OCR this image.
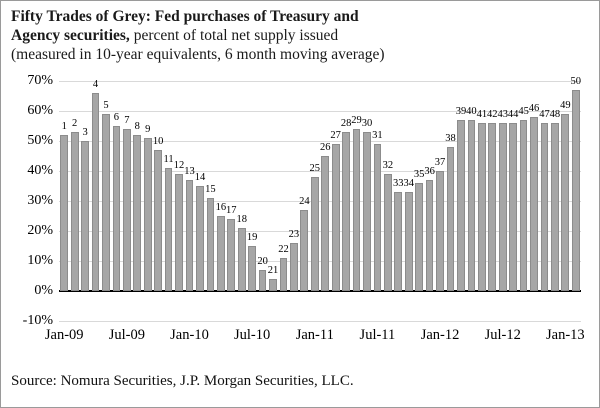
Fifty Trades of Grey: Fed purchases of Treasury and
Agency securities, percent of total net supply issued
(measured in 10-year equivalents, 6 month moving average)
-10%
0%
10%
20%
30%
40%
50%
60%
70%
1 2
3
4
5
6 7
8 9
10
11
12
13
14
15
16 17
18
19
20
21
22
23
24
25
26
27
28 29 30
31
32
33 34
35 36
37
38
39 40 41 42 43 44 45 46
47 48
49
50
Jan-09 Jul-09 Jan-10 Jul-10 Jan-11 Jul-11 Jan-12 Jul-12 Jan-13
Source: Nomura Securities, J.P. Morgan Securities, LLC.
